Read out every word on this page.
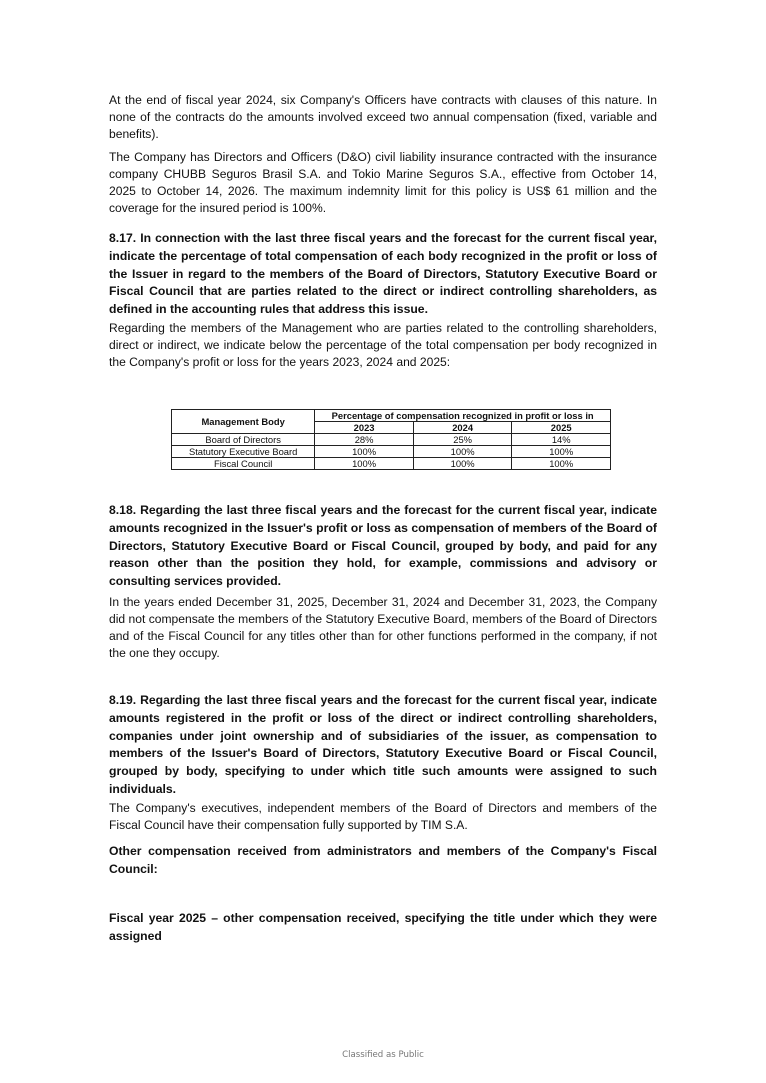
At the end of fiscal year 2024, six Company's Officers have contracts with clauses of this nature. In none of the contracts do the amounts involved exceed two annual compensation (fixed, variable and benefits).
The Company has Directors and Officers (D&O) civil liability insurance contracted with the insurance company CHUBB Seguros Brasil S.A. and Tokio Marine Seguros S.A., effective from October 14, 2025 to October 14, 2026. The maximum indemnity limit for this policy is US$ 61 million and the coverage for the insured period is 100%.
8.17. In connection with the last three fiscal years and the forecast for the current fiscal year, indicate the percentage of total compensation of each body recognized in the profit or loss of the Issuer in regard to the members of the Board of Directors, Statutory Executive Board or Fiscal Council that are parties related to the direct or indirect controlling shareholders, as defined in the accounting rules that address this issue.
Regarding the members of the Management who are parties related to the controlling shareholders, direct or indirect, we indicate below the percentage of the total compensation per body recognized in the Company's profit or loss for the years 2023, 2024 and 2025:
Management Body	Percentage of compensation recognized in profit or loss in		
	2023	2024	2025
Board of Directors	28%	25%	14%
Statutory Executive Board	100%	100%	100%
Fiscal Council	100%	100%	100%
8.18. Regarding the last three fiscal years and the forecast for the current fiscal year, indicate amounts recognized in the Issuer's profit or loss as compensation of members of the Board of Directors, Statutory Executive Board or Fiscal Council, grouped by body, and paid for any reason other than the position they hold, for example, commissions and advisory or consulting services provided.
In the years ended December 31, 2025, December 31, 2024 and December 31, 2023, the Company did not compensate the members of the Statutory Executive Board, members of the Board of Directors and of the Fiscal Council for any titles other than for other functions performed in the company, if not the one they occupy.
8.19. Regarding the last three fiscal years and the forecast for the current fiscal year, indicate amounts registered in the profit or loss of the direct or indirect controlling shareholders, companies under joint ownership and of subsidiaries of the issuer, as compensation to members of the Issuer's Board of Directors, Statutory Executive Board or Fiscal Council, grouped by body, specifying to under which title such amounts were assigned to such individuals.
The Company's executives, independent members of the Board of Directors and members of the Fiscal Council have their compensation fully supported by TIM S.A.
Other compensation received from administrators and members of the Company's Fiscal Council:
Fiscal year 2025 – other compensation received, specifying the title under which they were assigned
Classified as Public
